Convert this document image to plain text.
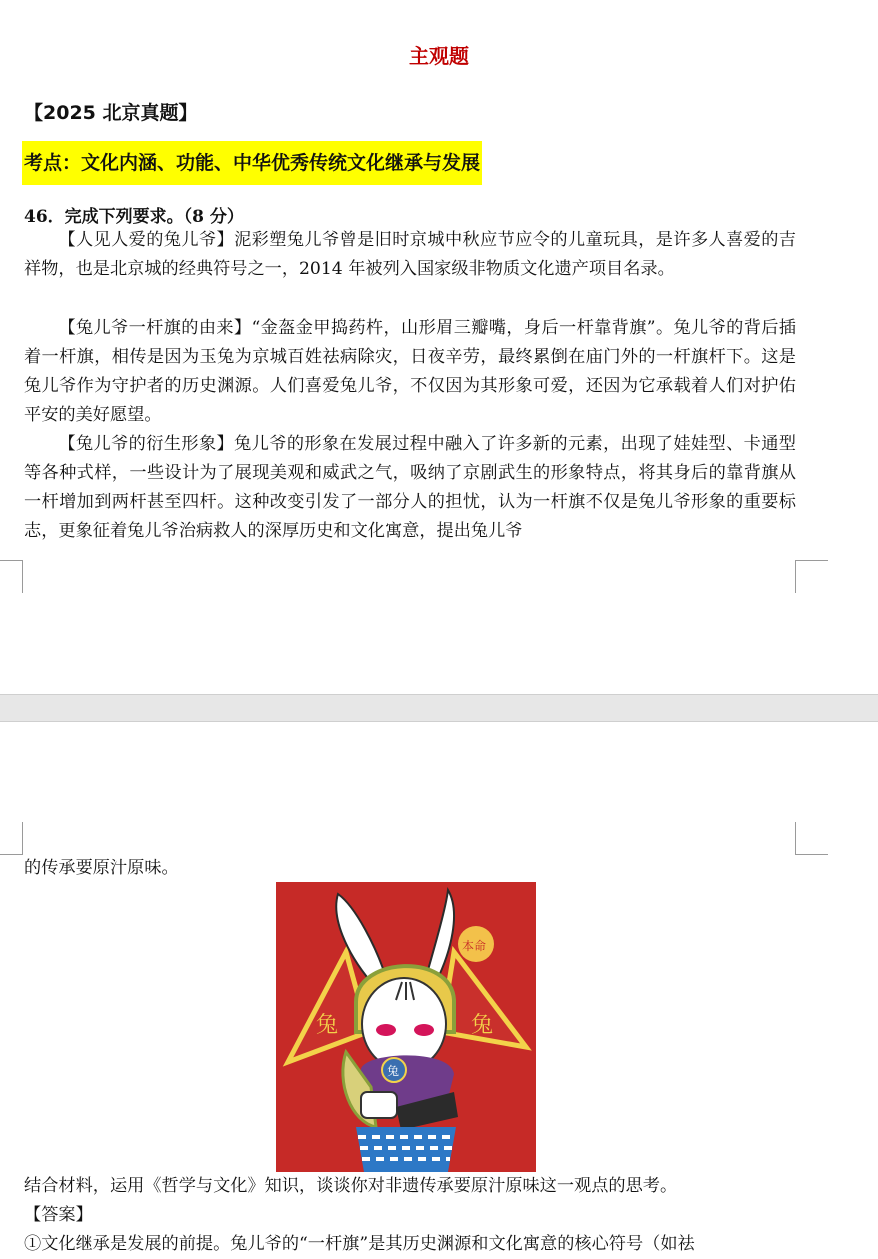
主观题
【2025 北京真题】
考点：文化内涵、功能、中华优秀传统文化继承与发展
46．完成下列要求。（8 分）
【人见人爱的兔儿爷】泥彩塑兔儿爷曾是旧时京城中秋应节应令的儿童玩具，是许多人喜爱的吉祥物，也是北京城的经典符号之一，2014 年被列入国家级非物质文化遗产项目名录。
【兔儿爷一杆旗的由来】“金盔金甲捣药杵，山形眉三瓣嘴，身后一杆靠背旗”。兔儿爷的背后插着一杆旗，相传是因为玉兔为京城百姓祛病除灾，日夜辛劳，最终累倒在庙门外的一杆旗杆下。这是兔儿爷作为守护者的历史渊源。人们喜爱兔儿爷，不仅因为其形象可爱，还因为它承载着人们对护佑平安的美好愿望。
【兔儿爷的衍生形象】兔儿爷的形象在发展过程中融入了许多新的元素，出现了娃娃型、卡通型等各种式样，一些设计为了展现美观和威武之气，吸纳了京剧武生的形象特点，将其身后的靠背旗从一杆增加到两杆甚至四杆。这种改变引发了一部分人的担忧，认为一杆旗不仅是兔儿爷形象的重要标志，更象征着兔儿爷治病救人的深厚历史和文化寓意，提出兔儿爷
的传承要原汁原味。
兔	兔
本命
兔
结合材料，运用《哲学与文化》知识，谈谈你对非遗传承要原汁原味这一观点的思考。
【答案】
①文化继承是发展的前提。兔儿爷的“一杆旗”是其历史渊源和文化寓意的核心符号（如祛
